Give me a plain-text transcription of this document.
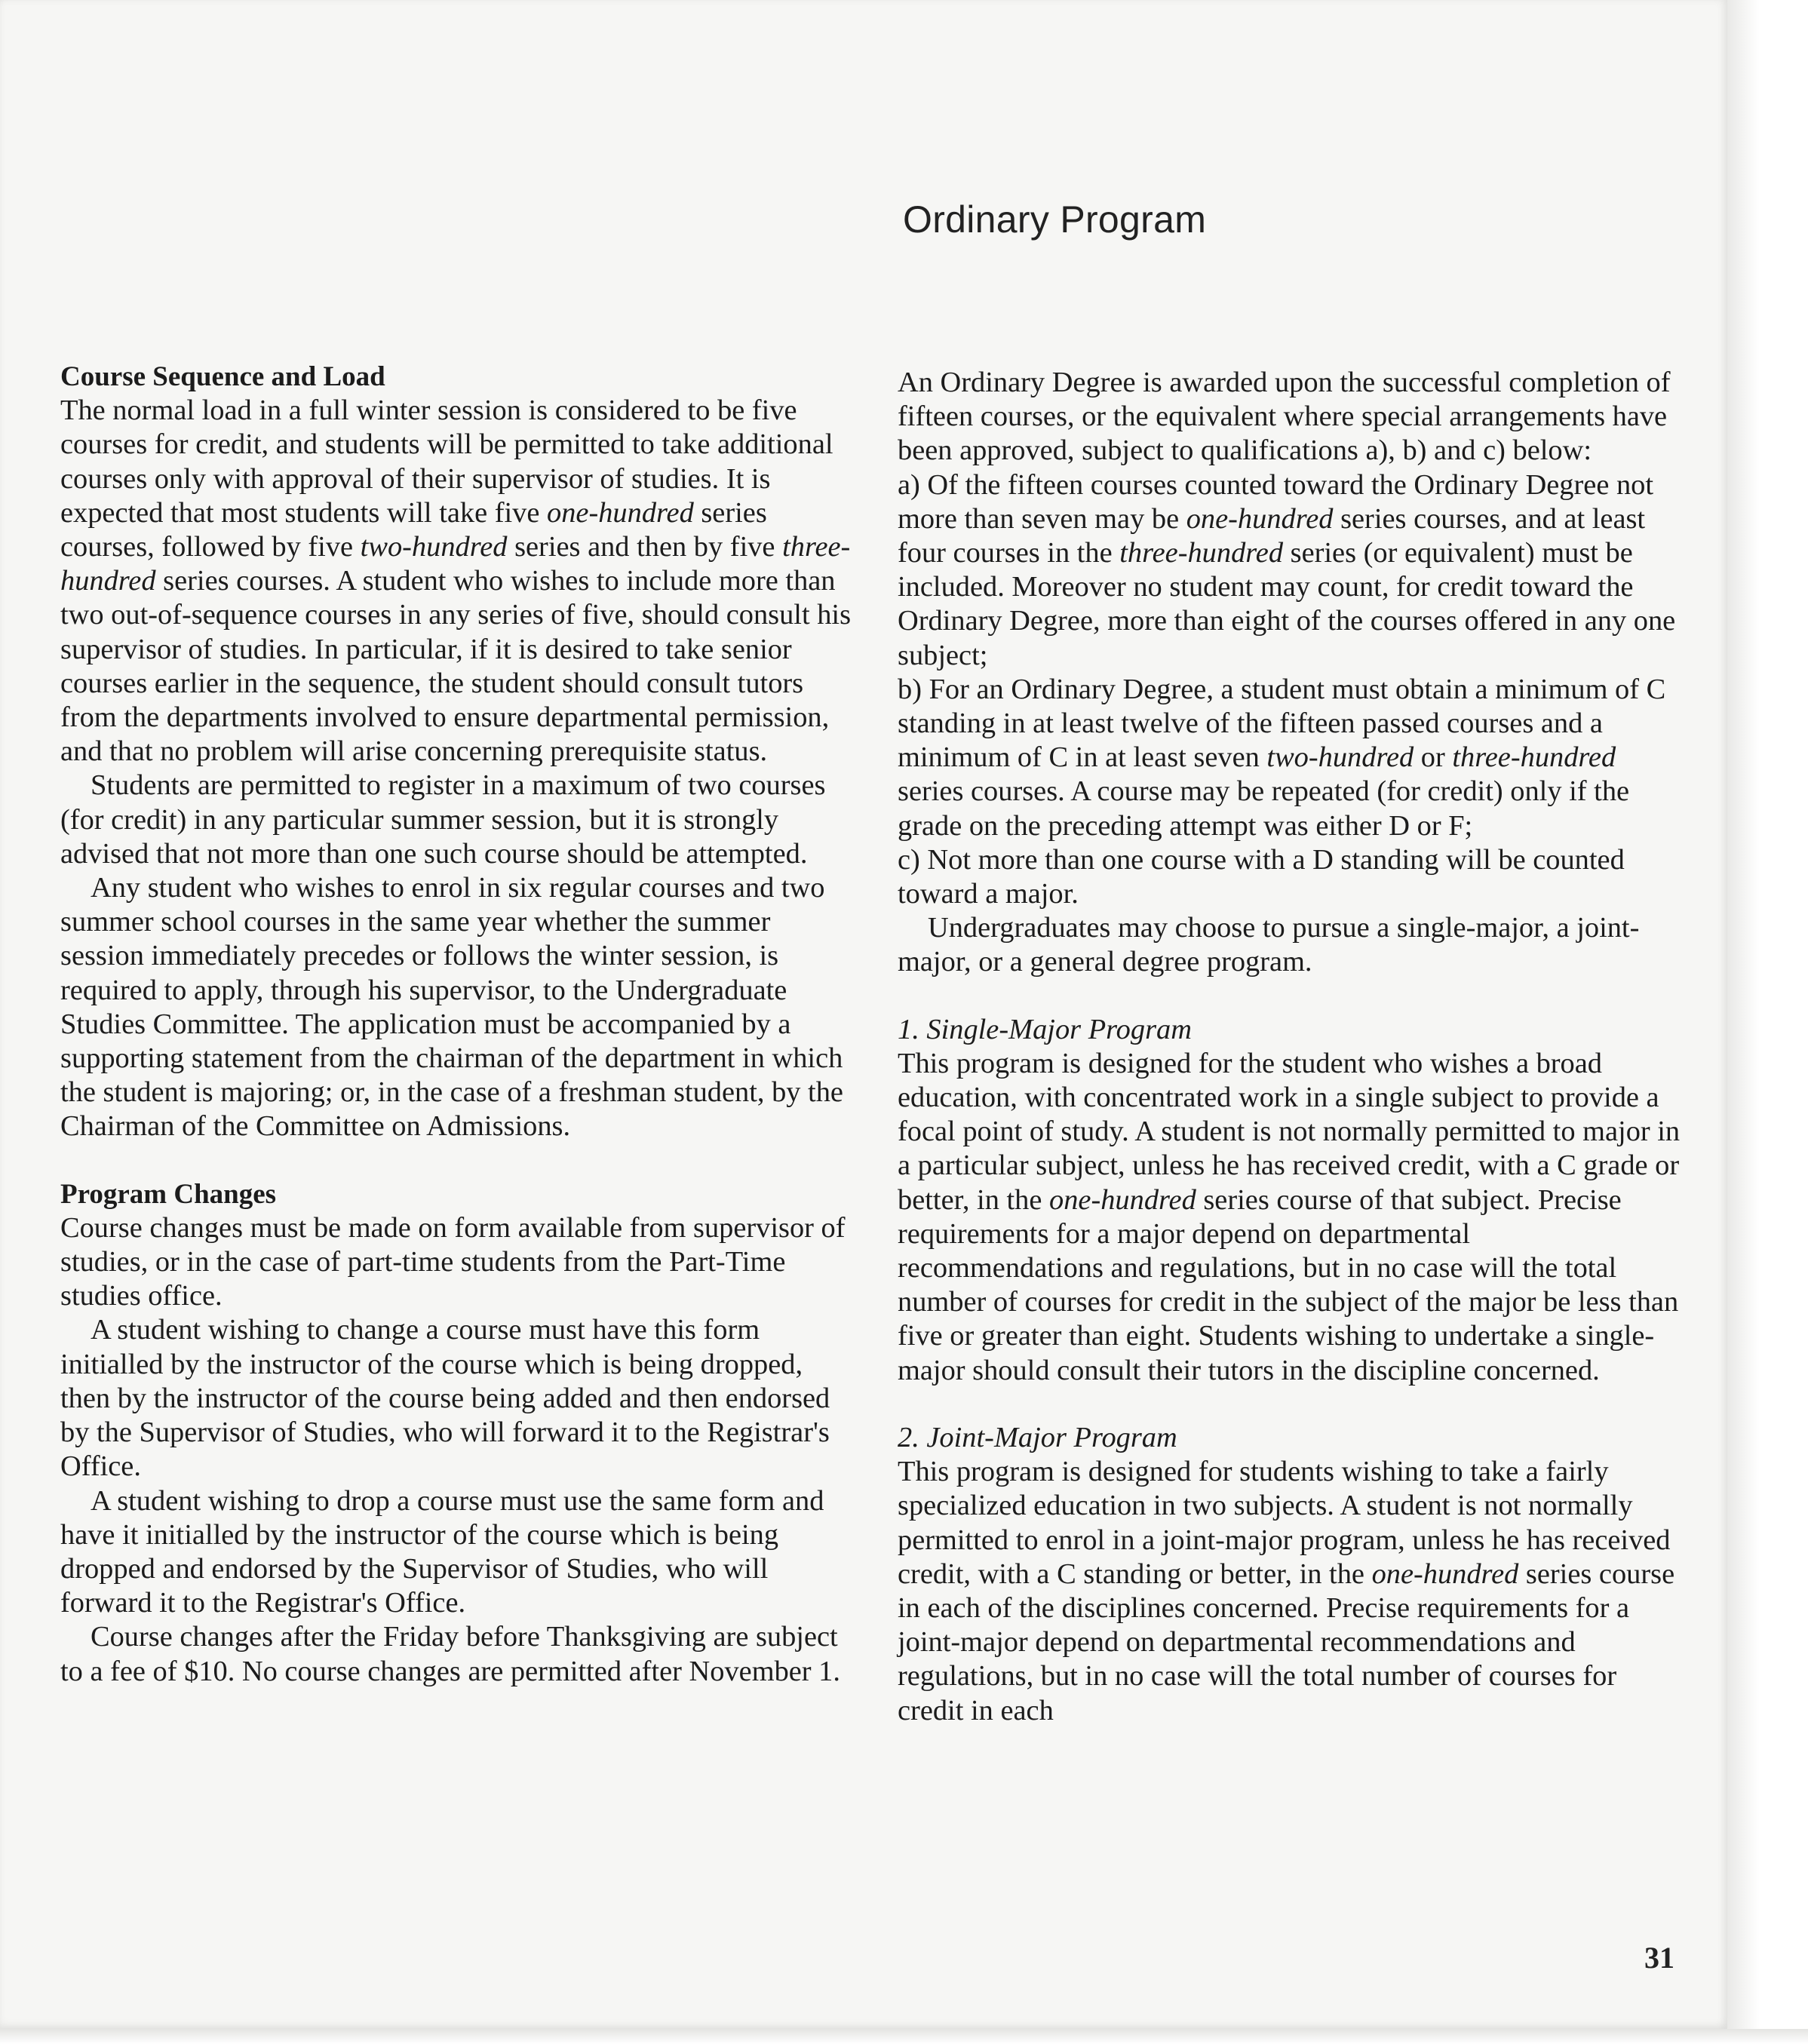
Ordinary Program

Course Sequence and Load

The normal load in a full winter session is considered to be five courses for credit, and students will be permitted to take additional courses only with approval of their supervisor of studies. It is expected that most students will take five one-hundred series courses, followed by five two-hundred series and then by five three-hundred series courses. A student who wishes to include more than two out-of-sequence courses in any series of five, should consult his supervisor of studies. In particular, if it is desired to take senior courses earlier in the sequence, the student should consult tutors from the departments involved to ensure departmental permission, and that no problem will arise concerning prerequisite status.

Students are permitted to register in a maximum of two courses (for credit) in any particular summer session, but it is strongly advised that not more than one such course should be attempted.

Any student who wishes to enrol in six regular courses and two summer school courses in the same year whether the summer session immediately precedes or follows the winter session, is required to apply, through his supervisor, to the Undergraduate Studies Committee. The application must be accompanied by a supporting statement from the chairman of the department in which the student is majoring; or, in the case of a freshman student, by the Chairman of the Committee on Admissions.

Program Changes

Course changes must be made on form available from supervisor of studies, or in the case of part-time students from the Part-Time studies office.

A student wishing to change a course must have this form initialled by the instructor of the course which is being dropped, then by the instructor of the course being added and then endorsed by the Supervisor of Studies, who will forward it to the Registrar's Office.

A student wishing to drop a course must use the same form and have it initialled by the instructor of the course which is being dropped and endorsed by the Supervisor of Studies, who will forward it to the Registrar's Office.

Course changes after the Friday before Thanksgiving are subject to a fee of $10. No course changes are permitted after November 1.

An Ordinary Degree is awarded upon the successful completion of fifteen courses, or the equivalent where special arrangements have been approved, subject to qualifications a), b) and c) below:

a) Of the fifteen courses counted toward the Ordinary Degree not more than seven may be one-hundred series courses, and at least four courses in the three-hundred series (or equivalent) must be included. Moreover no student may count, for credit toward the Ordinary Degree, more than eight of the courses offered in any one subject;

b) For an Ordinary Degree, a student must obtain a minimum of C standing in at least twelve of the fifteen passed courses and a minimum of C in at least seven two-hundred or three-hundred series courses. A course may be repeated (for credit) only if the grade on the preceding attempt was either D or F;

c) Not more than one course with a D standing will be counted toward a major.

Undergraduates may choose to pursue a single-major, a joint-major, or a general degree program.

1. Single-Major Program

This program is designed for the student who wishes a broad education, with concentrated work in a single subject to provide a focal point of study. A student is not normally permitted to major in a particular subject, unless he has received credit, with a C grade or better, in the one-hundred series course of that subject. Precise requirements for a major depend on departmental recommendations and regulations, but in no case will the total number of courses for credit in the subject of the major be less than five or greater than eight. Students wishing to undertake a single-major should consult their tutors in the discipline concerned.

2. Joint-Major Program

This program is designed for students wishing to take a fairly specialized education in two subjects. A student is not normally permitted to enrol in a joint-major program, unless he has received credit, with a C standing or better, in the one-hundred series course in each of the disciplines concerned. Precise requirements for a joint-major depend on departmental recommendations and regulations, but in no case will the total number of courses for credit in each

31
